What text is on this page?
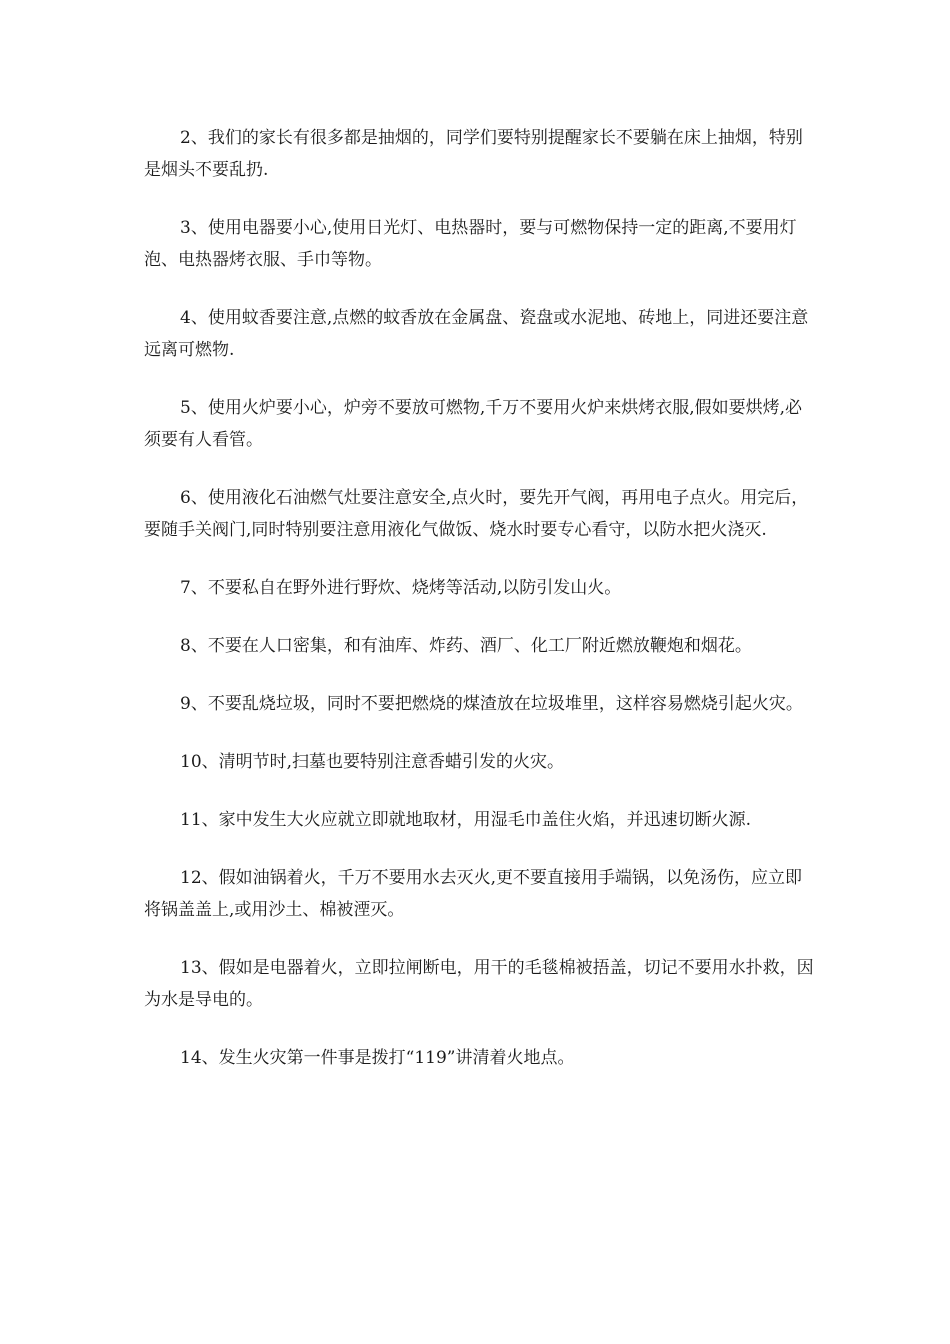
2、我们的家长有很多都是抽烟的，同学们要特别提醒家长不要躺在床上抽烟，特别是烟头不要乱扔.

3、使用电器要小心,使用日光灯、电热器时，要与可燃物保持一定的距离,不要用灯泡、电热器烤衣服、手巾等物。

4、使用蚊香要注意,点燃的蚊香放在金属盘、瓷盘或水泥地、砖地上，同进还要注意远离可燃物.

5、使用火炉要小心，炉旁不要放可燃物,千万不要用火炉来烘烤衣服,假如要烘烤,必须要有人看管。

6、使用液化石油燃气灶要注意安全,点火时，要先开气阀，再用电子点火。用完后，要随手关阀门,同时特别要注意用液化气做饭、烧水时要专心看守，以防水把火浇灭.

7、不要私自在野外进行野炊、烧烤等活动,以防引发山火。

8、不要在人口密集，和有油库、炸药、酒厂、化工厂附近燃放鞭炮和烟花。

9、不要乱烧垃圾，同时不要把燃烧的煤渣放在垃圾堆里，这样容易燃烧引起火灾。

10、清明节时,扫墓也要特别注意香蜡引发的火灾。

11、家中发生大火应就立即就地取材，用湿毛巾盖住火焰，并迅速切断火源.

12、假如油锅着火，千万不要用水去灭火,更不要直接用手端锅，以免汤伤，应立即将锅盖盖上,或用沙土、棉被湮灭。

13、假如是电器着火，立即拉闸断电，用干的毛毯棉被捂盖，切记不要用水扑救，因为水是导电的。

14、发生火灾第一件事是拨打“119”讲清着火地点。
